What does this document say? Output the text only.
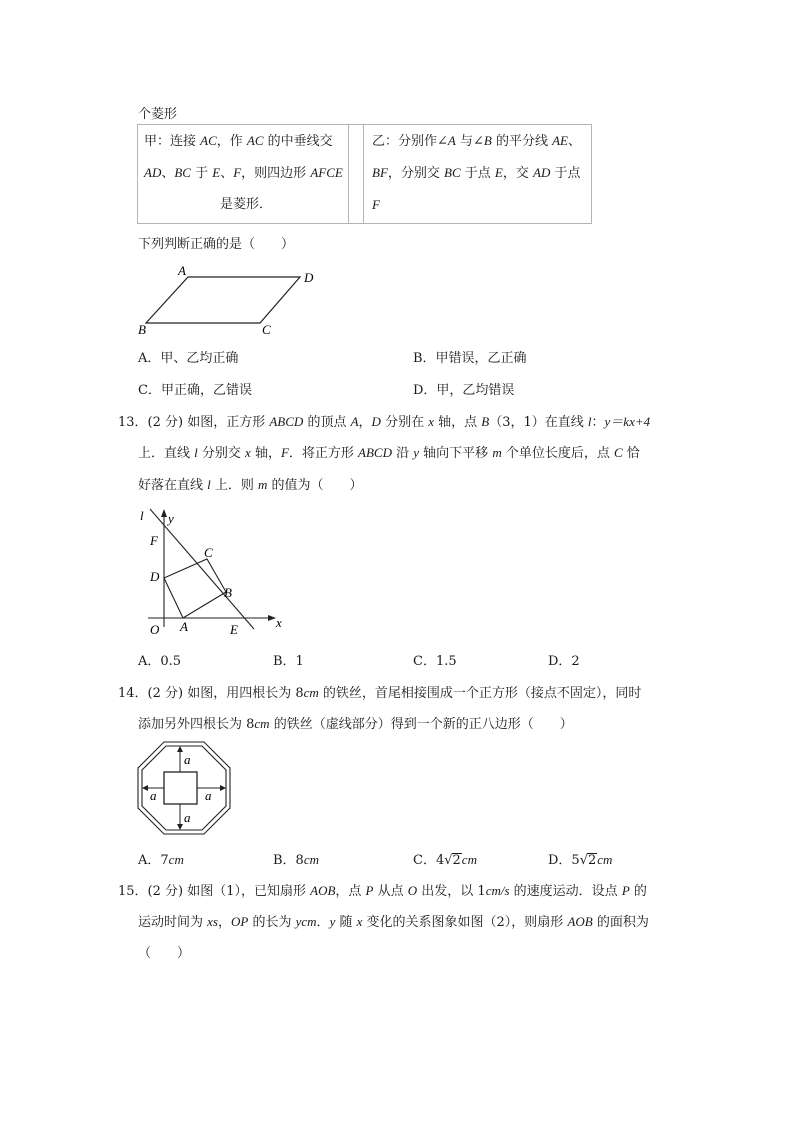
个菱形
甲：连接 AC，作 AC 的中垂线交
AD、BC 于 E、F，则四边形 AFCE
是菱形．

乙：分别作∠A 与∠B 的平分线 AE、
BF，分别交 BC 于点 E，交 AD 于点 F
下列判断正确的是（　　）
A	D
B	C
A．甲、乙均正确	B．甲错误，乙正确
C．甲正确，乙错误	D．甲，乙均错误
13．(2 分) 如图，正方形 ABCD 的顶点 A，D 分别在 x 轴，点 B（3，1）在直线 l：y＝kx+4
上．直线 l 分别交 x 轴，F．将正方形 ABCD 沿 y 轴向下平移 m 个单位长度后，点 C 恰
好落在直线 l 上．则 m 的值为（　　）
l y
F
C
D
B
O A	E	x
A．0.5	B．1	C．1.5	D．2
14．(2 分) 如图，用四根长为 8cm 的铁丝，首尾相接围成一个正方形（接点不固定），同时
添加另外四根长为 8cm 的铁丝（虚线部分）得到一个新的正八边形（　　）
a
a	a
a
A．7cm	B．8cm	C．4√2cm	D．5√2cm
15．(2 分) 如图（1），已知扇形 AOB，点 P 从点 O 出发，以 1cm/s 的速度运动．设点 P 的
运动时间为 xs，OP 的长为 ycm．y 随 x 变化的关系图象如图（2），则扇形 AOB 的面积为
（　　）
